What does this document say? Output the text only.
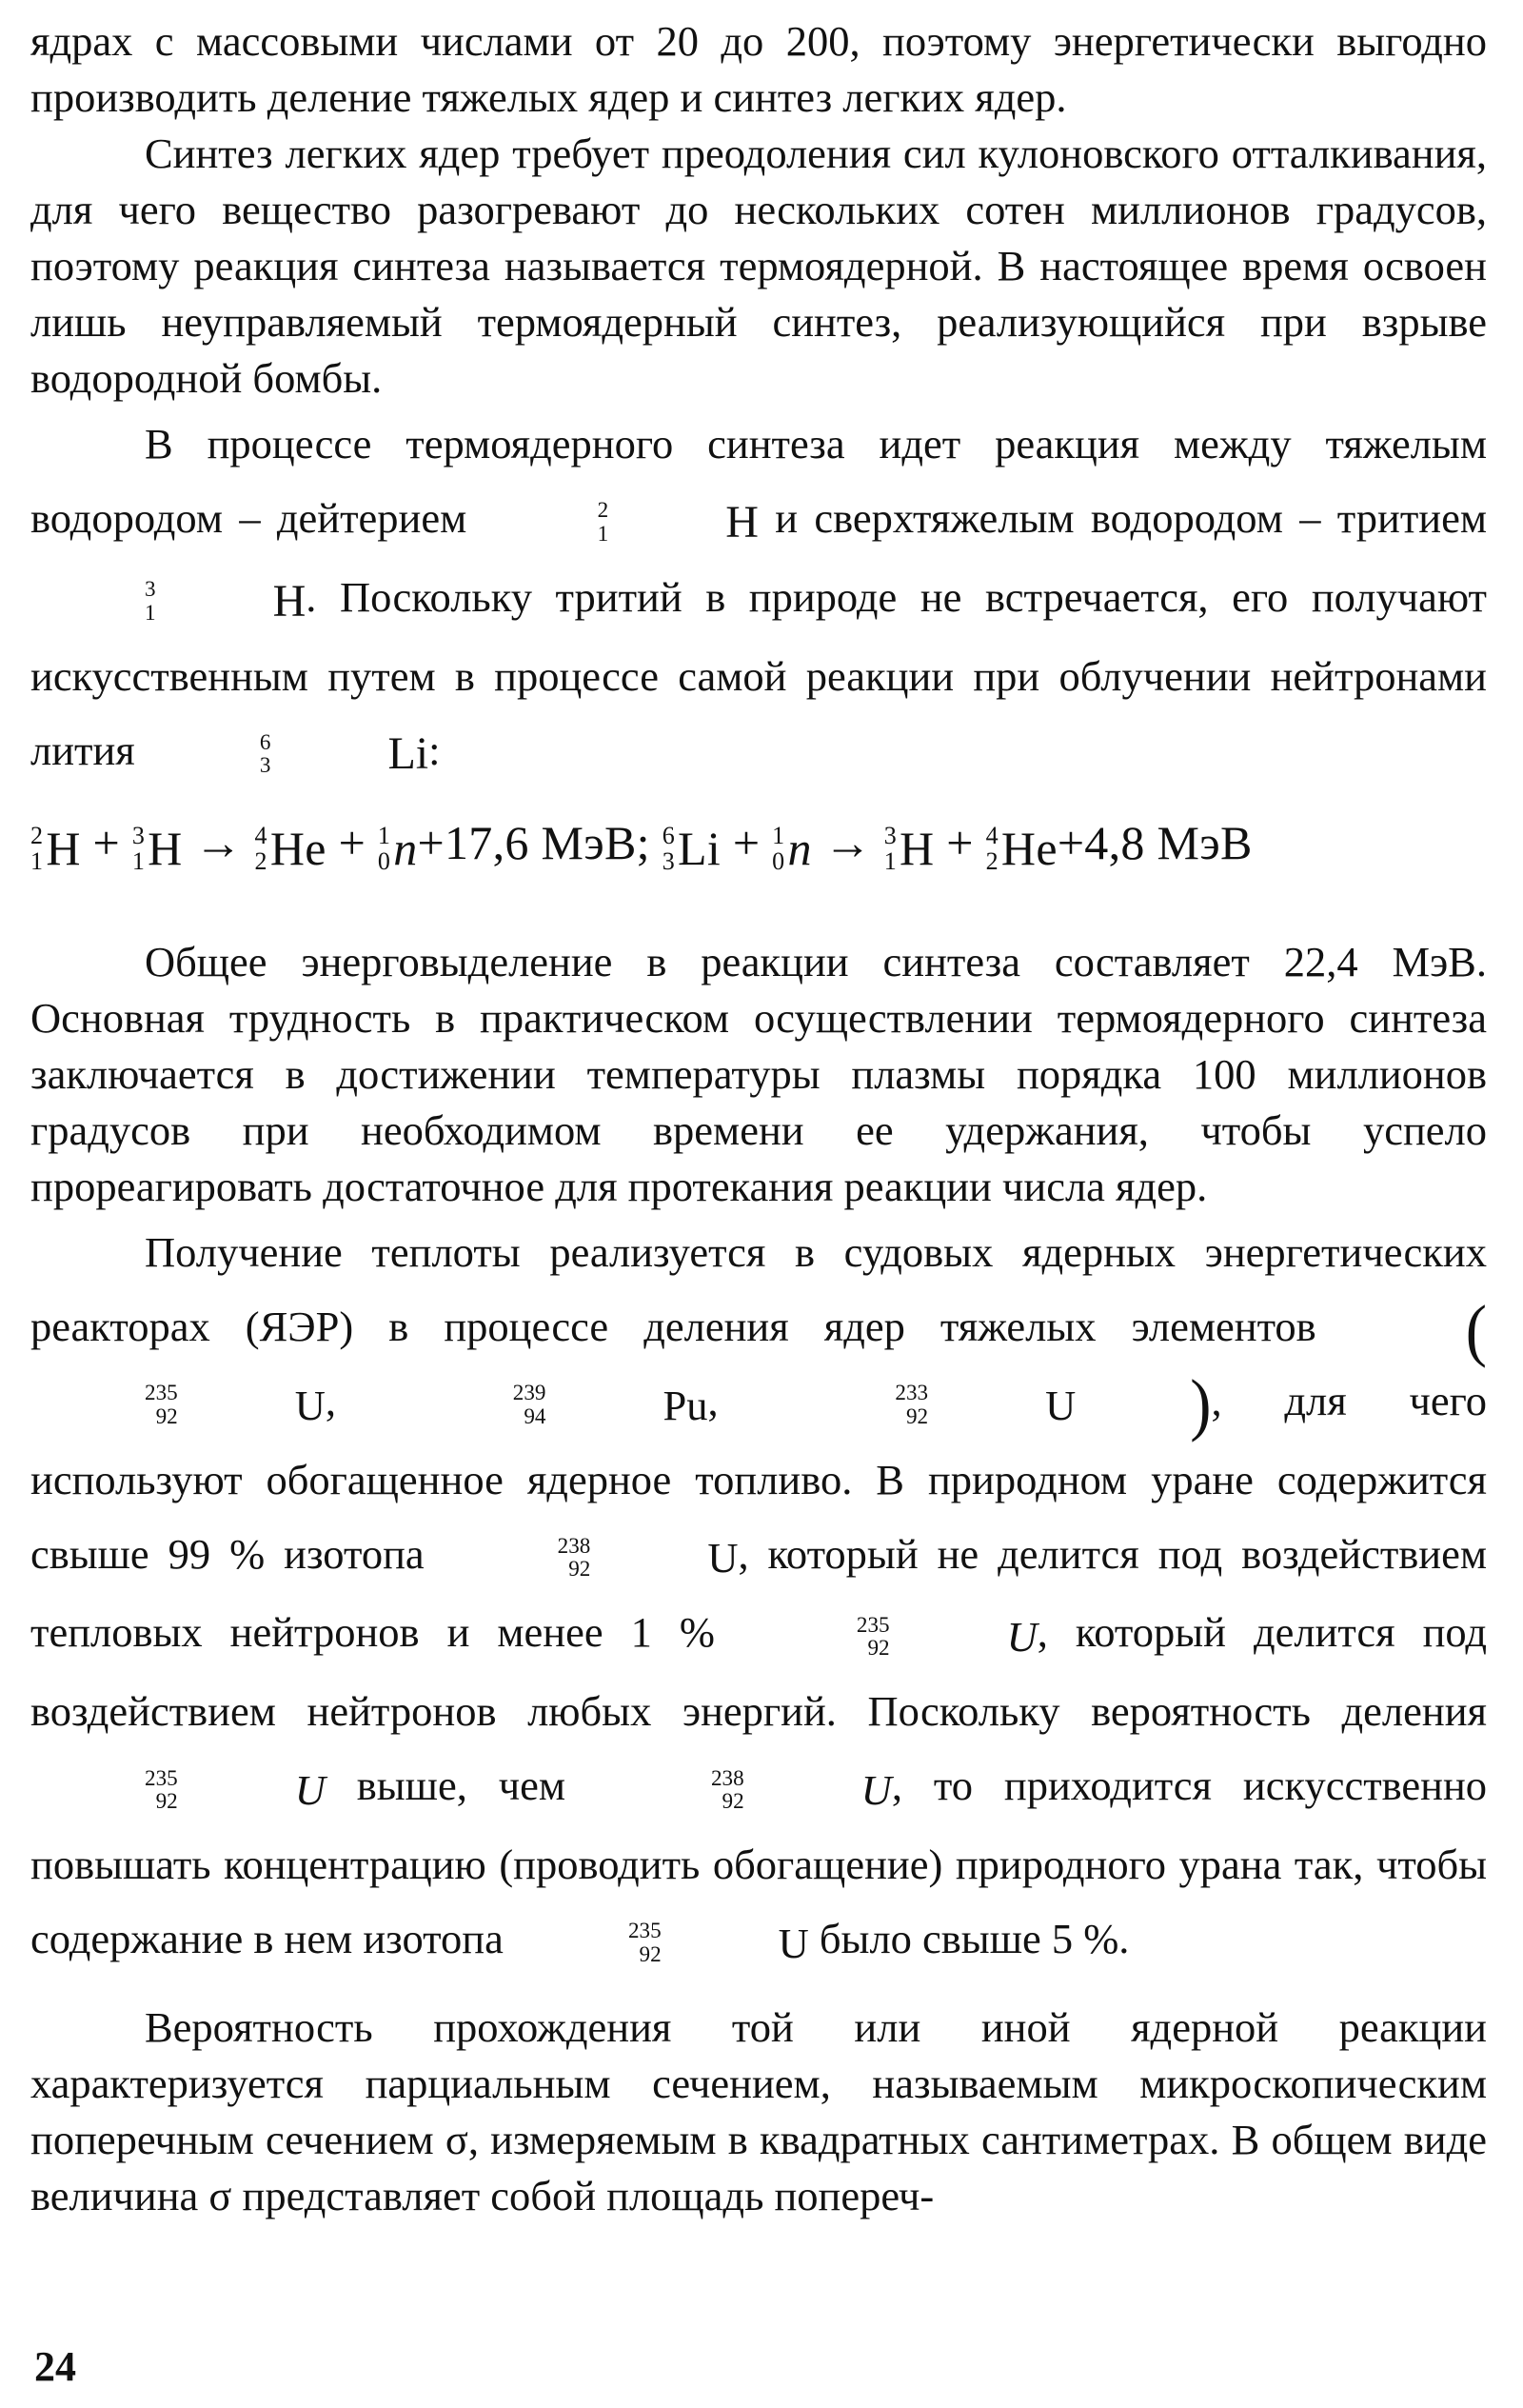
ядрах с массовыми числами от 20 до 200, поэтому энергетически выгодно производить деление тяжелых ядер и синтез легких ядер.

Синтез легких ядер требует преодоления сил кулоновского отталкивания, для чего вещество разогревают до нескольких сотен миллионов градусов, поэтому реакция синтеза называется термоядерной. В настоящее время освоен лишь неуправляемый термоядерный синтез, реализующийся при взрыве водородной бомбы.

В процессе термоядерного синтеза идет реакция между тяжелым водородом – дейтерием	2
1	H и сверхтяжелым водородом – тритием
3
1	H . Поскольку тритий в природе не встречается, его получают искусственным путем в процессе самой реакции при облучении нейтронами лития	6
3	Li :

2
1 H + 3
1 H → 4
2 He + 1
0 n +17,6 МэВ; 6
3 Li + 1
0 n → 3
1 H + 4
2 He +4,8 МэВ

Общее энерговыделение в реакции синтеза составляет 22,4 МэВ. Основная трудность в практическом осуществлении термоядерного синтеза заключается в достижении температуры плазмы порядка 100 миллионов градусов при необходимом времени ее удержания, чтобы успело прореагировать достаточное для протекания реакции числа ядер.

Получение теплоты реализуется в судовых ядерных энергетических реакторах (ЯЭР) в процессе деления ядер тяжелых элементов (
235
92	U ,	239
94	Pu ,	233
92	U ), для чего используют обогащенное ядерное топливо. В природном уране содержится свыше 99 % изотопа	238
92	U , который не делится под воздействием тепловых нейтронов и менее 1 %	235
92	U , который делится под воздействием нейтронов любых энергий. Поскольку вероятность деления
235
92	U выше, чем	238
92	U , то приходится искусственно повышать концентрацию (проводить обогащение) природного урана так, чтобы содержание в нем изотопа	235
92	U было свыше 5 %.

Вероятность прохождения той или иной ядерной реакции характеризуется парциальным сечением, называемым микроскопическим поперечным сечением σ, измеряемым в квадратных сантиметрах. В общем виде величина σ представляет собой площадь попереч-

24
